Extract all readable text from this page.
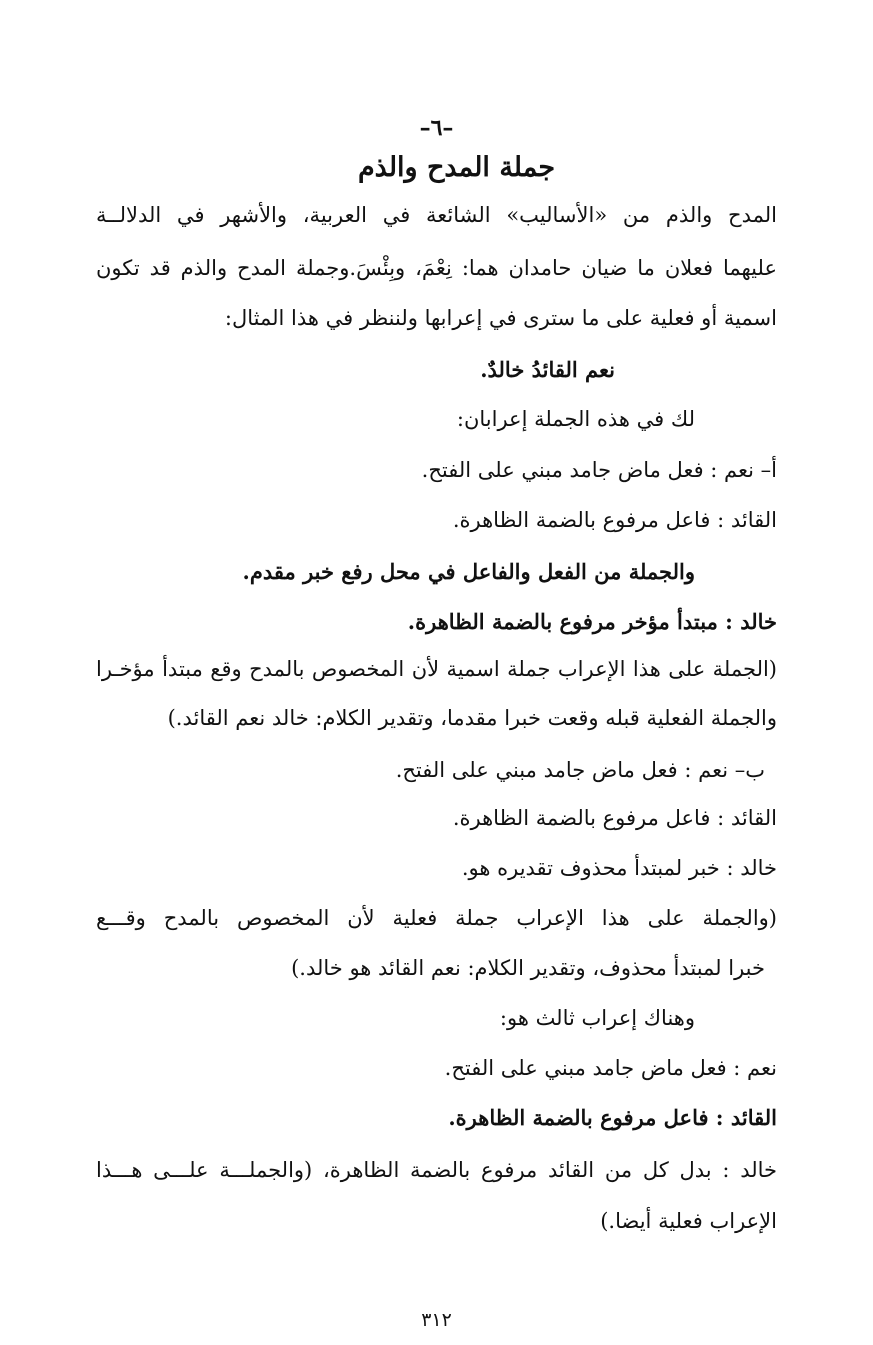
–٦–
جملة المدح والذم
المدح والذم من «الأساليب» الشائعة في العربية، والأشهر في الدلالــة
عليهما فعلان ما ضيان حامدان هما: نِعْمَ، وبِئْسَ.وجملة المدح والذم قد تكون
اسمية أو فعلية على ما سترى في إعرابها ولننظر في هذا المثال:
نعم القائدُ خالدٌ.
لك في هذه الجملة إعرابان:
أ– نعم : فعل ماض جامد مبني على الفتح.
القائد : فاعل مرفوع بالضمة الظاهرة.
والجملة من الفعل والفاعل في محل رفع خبر مقدم.
خالد : مبتدأ مؤخر مرفوع بالضمة الظاهرة.
(الجملة على هذا الإعراب جملة اسمية لأن المخصوص بالمدح وقع مبتدأ مؤخـرا
والجملة الفعلية قبله وقعت خبرا مقدما، وتقدير الكلام: خالد نعم القائد.)
ب– نعم : فعل ماض جامد مبني على الفتح.
القائد : فاعل مرفوع بالضمة الظاهرة.
خالد : خبر لمبتدأ محذوف تقديره هو.
(والجملة على هذا الإعراب جملة فعلية لأن المخصوص بالمدح وقـــع
خبرا لمبتدأ محذوف، وتقدير الكلام: نعم القائد هو خالد.)
وهناك إعراب ثالث هو:
نعم : فعل ماض جامد مبني على الفتح.
القائد : فاعل مرفوع بالضمة الظاهرة.
خالد : بدل كل من القائد مرفوع بالضمة الظاهرة، (والجملـــة علـــى هـــذا
الإعراب فعلية أيضا.)
٣١٢
